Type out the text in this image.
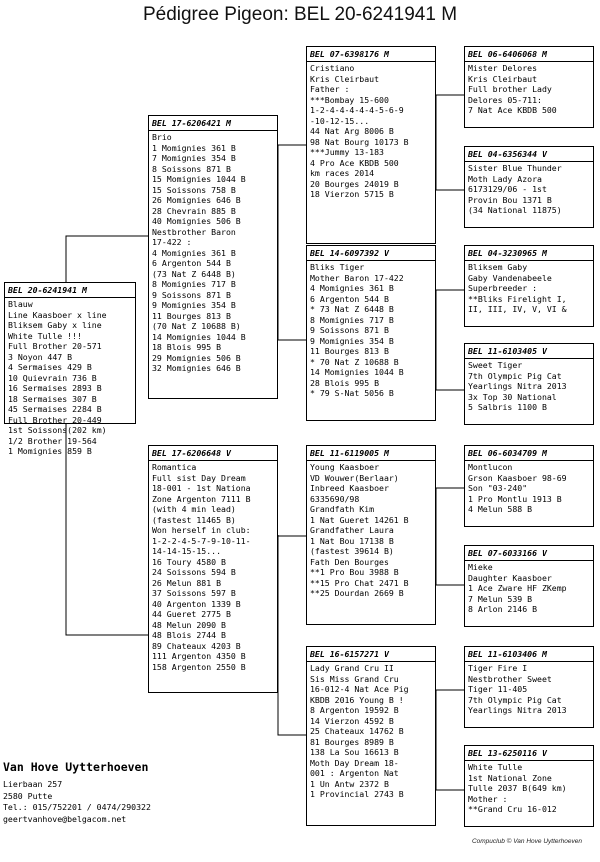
Pédigree Pigeon: BEL 20-6241941 M
BEL 20-6241941 M
Blauw
Line Kaasboer x line
Bliksem Gaby x line
White Tulle !!!
Full Brother 20-571
3 Noyon 447 B
4 Sermaises 429 B
10 Quievrain 736 B
16 Sermaises 2893 B
18 Sermaises 307 B
45 Sermaises 2284 B
Full Brother 20-449
1st Soissons(202 km)
1/2 Brother 19-564
1 Momignies 859 B
BEL 17-6206421 M
Brio
1 Momignies 361 B
7 Momignies 354 B
8 Soissons 871 B
15 Momignies 1044 B
15 Soissons 758 B
26 Momignies 646 B
28 Chevrain 885 B
40 Momignies 506 B
Nestbrother Baron
17-422 :
4 Momignies 361 B
6 Argenton 544 B
(73 Nat Z 6448 B)
8 Momignies 717 B
9 Soissons 871 B
9 Momignies 354 B
11 Bourges 813 B
(70 Nat Z 10688 B)
14 Momignies 1044 B
18 Blois 995 B
29 Momignies 506 B
32 Momignies 646 B
BEL 17-6206648 V
Romantica
Full sist Day Dream
18-001 - 1st Nationa
Zone Argenton 7111 B
(with 4 min lead)
(fastest 11465 B)
Won herself in club:
1-2-2-4-5-7-9-10-11-
14-14-15-15...
16 Toury 4580 B
24 Soissons 594 B
26 Melun 881 B
37 Soissons 597 B
40 Argenton 1339 B
44 Gueret 2775 B
48 Melun 2090 B
48 Blois 2744 B
89 Chateaux 4203 B
111 Argenton 4350 B
158 Argenton 2550 B
BEL 07-6398176 M
Cristiano
Kris Cleirbaut
Father :
***Bombay 15-600
1-2-4-4-4-4-4-5-6-9
-10-12-15...
44 Nat Arg 8006 B
98 Nat Bourg 10173 B
***Jummy 13-183
4 Pro Ace KBDB 500
km races 2014
20 Bourges 24019 B
18 Vierzon 5715 B
BEL 14-6097392 V
Bliks Tiger
Mother Baron 17-422
4 Momignies 361 B
6 Argenton 544 B
* 73 Nat Z 6448 B
8 Momignies 717 B
9 Soissons 871 B
9 Momignies 354 B
11 Bourges 813 B
* 70 Nat Z 10688 B
14 Momignies 1044 B
28 Blois 995 B
* 79 S-Nat 5056 B
BEL 11-6119005 M
Young Kaasboer
VD Wouwer(Berlaar)
Inbreed Kaasboer
6335690/98
Grandfath Kim
1 Nat Gueret 14261 B
Grandfather Laura
1 Nat Bou 17138 B
(fastest 39614 B)
Fath Den Bourges
**1 Pro Bou 3988 B
**15 Pro Chat 2471 B
**25 Dourdan 2669 B
BEL 16-6157271 V
Lady Grand Cru II
Sis Miss Grand Cru
16-012-4 Nat Ace Pig
KBDB 2016 Young B !
8 Argenton 19592 B
14 Vierzon 4592 B
25 Chateaux 14762 B
81 Bourges 8989 B
138 La Sou 16613 B
Moth Day Dream 18-
001 : Argenton Nat
1 Un Antw 2372 B
1 Provincial 2743 B
BEL 06-6406068 M
Mister Delores
Kris Cleirbaut
Full brother Lady
Delores 05-711:
7 Nat Ace KBDB 500
BEL 04-6356344 V
Sister Blue Thunder
Moth Lady Azora
6173129/06 - 1st
Provin Bou 1371 B
(34 National 11875)
BEL 04-3230965 M
Bliksem Gaby
Gaby Vandenabeele
Superbreeder :
**Bliks Firelight I,
II, III, IV, V, VI &
BEL 11-6103405 V
Sweet Tiger
7th Olympic Pig Cat
Yearlings Nitra 2013
3x Top 30 National
5 Salbris 1100 B
BEL 06-6034709 M
Montlucon
Grson Kaasboer 98-69
Son "03-240"
1 Pro Montlu 1913 B
4 Melun 588 B
BEL 07-6033166 V
Mieke
Daughter Kaasboer
1 Ace Zware HF ZKemp
7 Melun 539 B
8 Arlon 2146 B
BEL 11-6103406 M
Tiger Fire I
Nestbrother Sweet
Tiger 11-405
7th Olympic Pig Cat
Yearlings Nitra 2013
BEL 13-6250116 V
White Tulle
1st National Zone
Tulle 2037 B(649 km)
Mother :
**Grand Cru 16-012
Van Hove Uytterhoeven
Lierbaan 257
2580 Putte
Tel.: 015/752201 / 0474/290322
geertvanhove@belgacom.net
Compuclub © Van Hove Uytterhoeven
